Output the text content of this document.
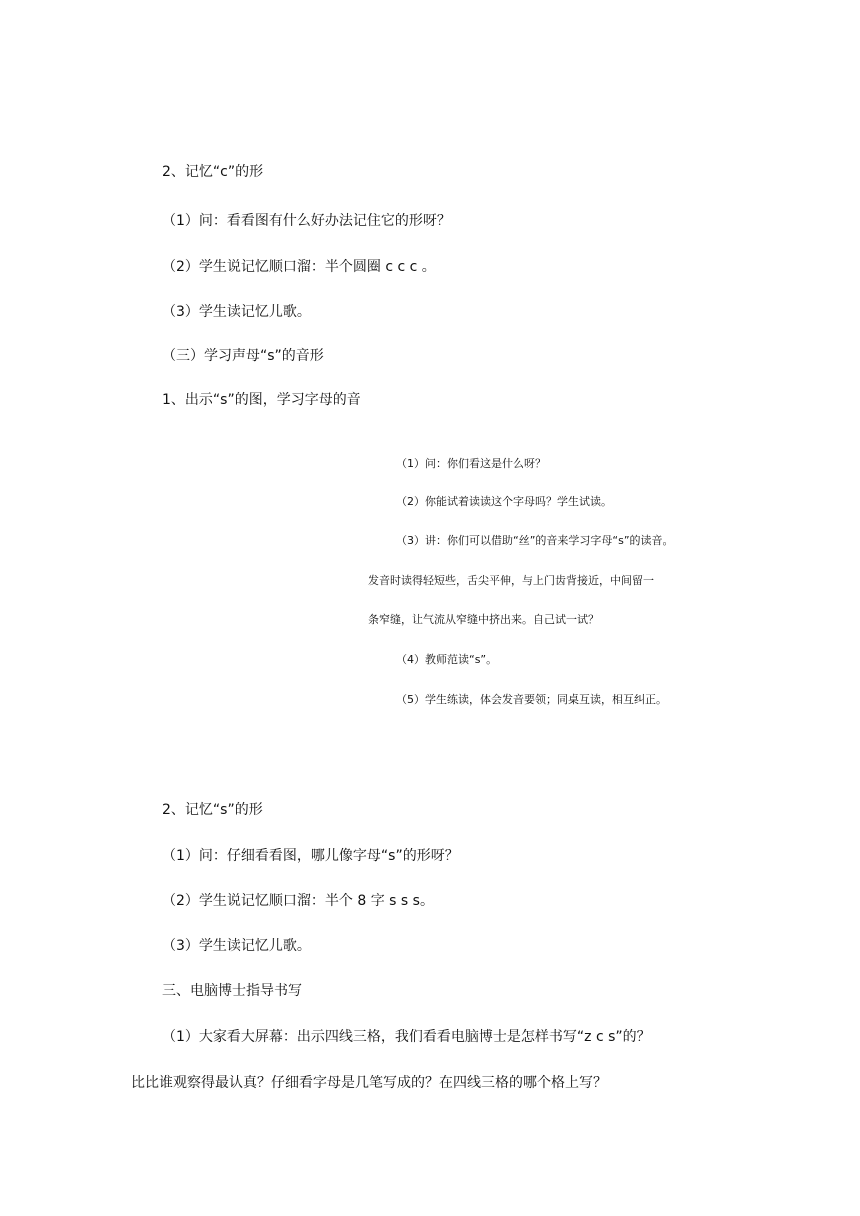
2、记忆“c”的形
（1）问：看看图有什么好办法记住它的形呀？
（2）学生说记忆顺口溜：半个圆圈 c c c 。
（3）学生读记忆儿歌。
（三）学习声母“s”的音形
1、出示“s”的图，学习字母的音
（1）问：你们看这是什么呀？
（2）你能试着读读这个字母吗？学生试读。
（3）讲：你们可以借助“丝”的音来学习字母“s”的读音。
发音时读得轻短些，舌尖平伸，与上门齿背接近，中间留一
条窄缝，让气流从窄缝中挤出来。自己试一试？
（4）教师范读“s”。
（5）学生练读，体会发音要领；同桌互读，相互纠正。
2、记忆“s”的形
（1）问：仔细看看图，哪儿像字母“s”的形呀？
（2）学生说记忆顺口溜：半个 8 字 s s s。
（3）学生读记忆儿歌。
三、电脑博士指导书写
（1）大家看大屏幕：出示四线三格，我们看看电脑博士是怎样书写“z c s”的？
比比谁观察得最认真？仔细看字母是几笔写成的？在四线三格的哪个格上写？
